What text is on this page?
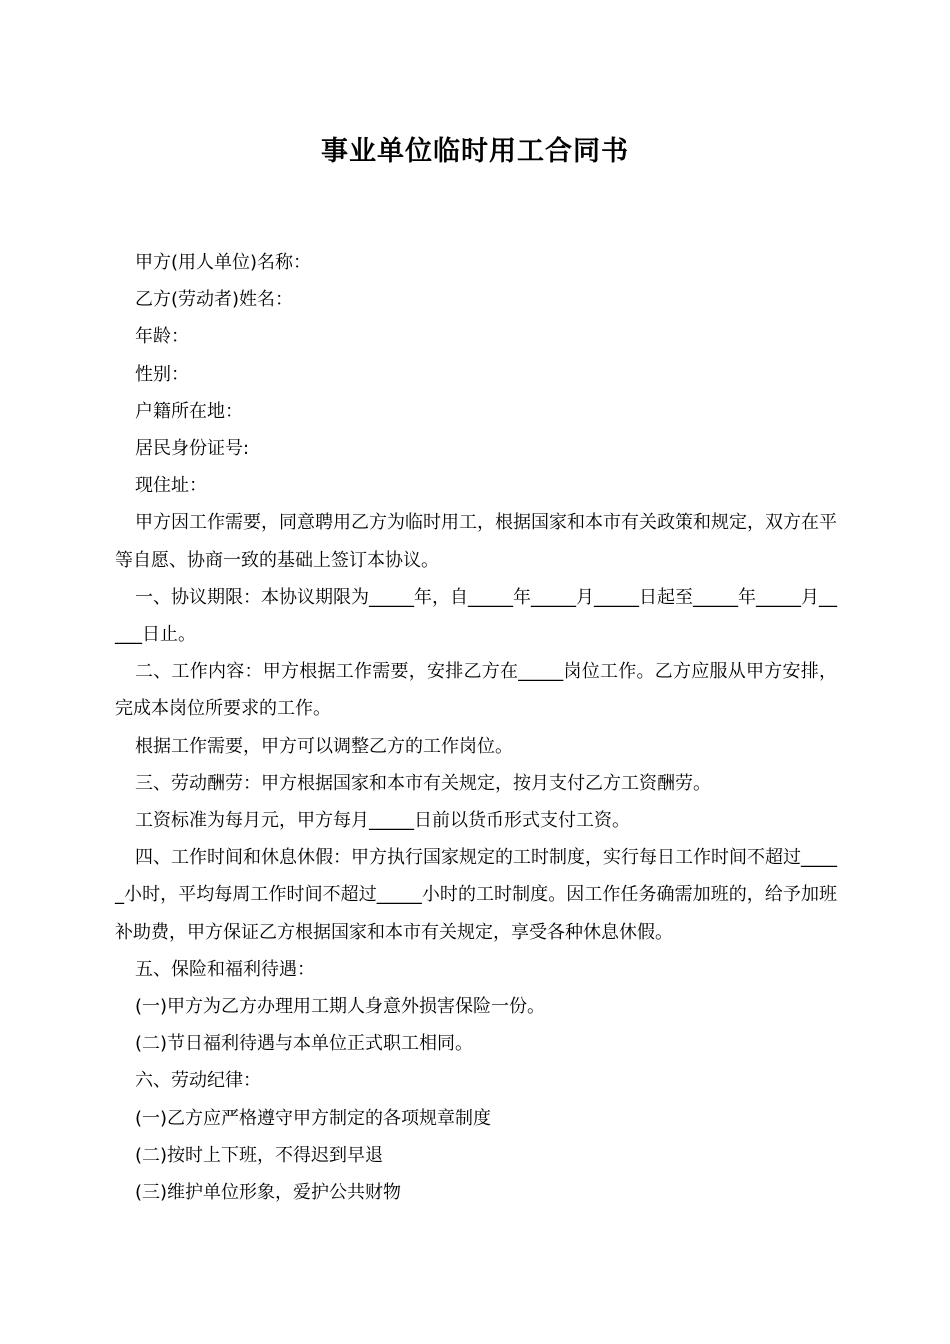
事业单位临时用工合同书

甲方(用人单位)名称：

乙方(劳动者)姓名：

年龄：

性别：

户籍所在地：

居民身份证号:

现住址：

甲方因工作需要，同意聘用乙方为临时用工，根据国家和本市有关政策和规定，双方在平等自愿、协商一致的基础上签订本协议。

一、协议期限：本协议期限为_____年，自_____年_____月_____日起至_____年_____月_____日止。

二、工作内容：甲方根据工作需要，安排乙方在_____岗位工作。乙方应服从甲方安排，完成本岗位所要求的工作。

根据工作需要，甲方可以调整乙方的工作岗位。

三、劳动酬劳：甲方根据国家和本市有关规定，按月支付乙方工资酬劳。

工资标准为每月元，甲方每月_____日前以货币形式支付工资。

四、工作时间和休息休假：甲方执行国家规定的工时制度，实行每日工作时间不超过_____小时，平均每周工作时间不超过_____小时的工时制度。因工作任务确需加班的，给予加班补助费，甲方保证乙方根据国家和本市有关规定，享受各种休息休假。

五、保险和福利待遇：

(一)甲方为乙方办理用工期人身意外损害保险一份。

(二)节日福利待遇与本单位正式职工相同。

六、劳动纪律：

(一)乙方应严格遵守甲方制定的各项规章制度

(二)按时上下班，不得迟到早退

(三)维护单位形象，爱护公共财物
